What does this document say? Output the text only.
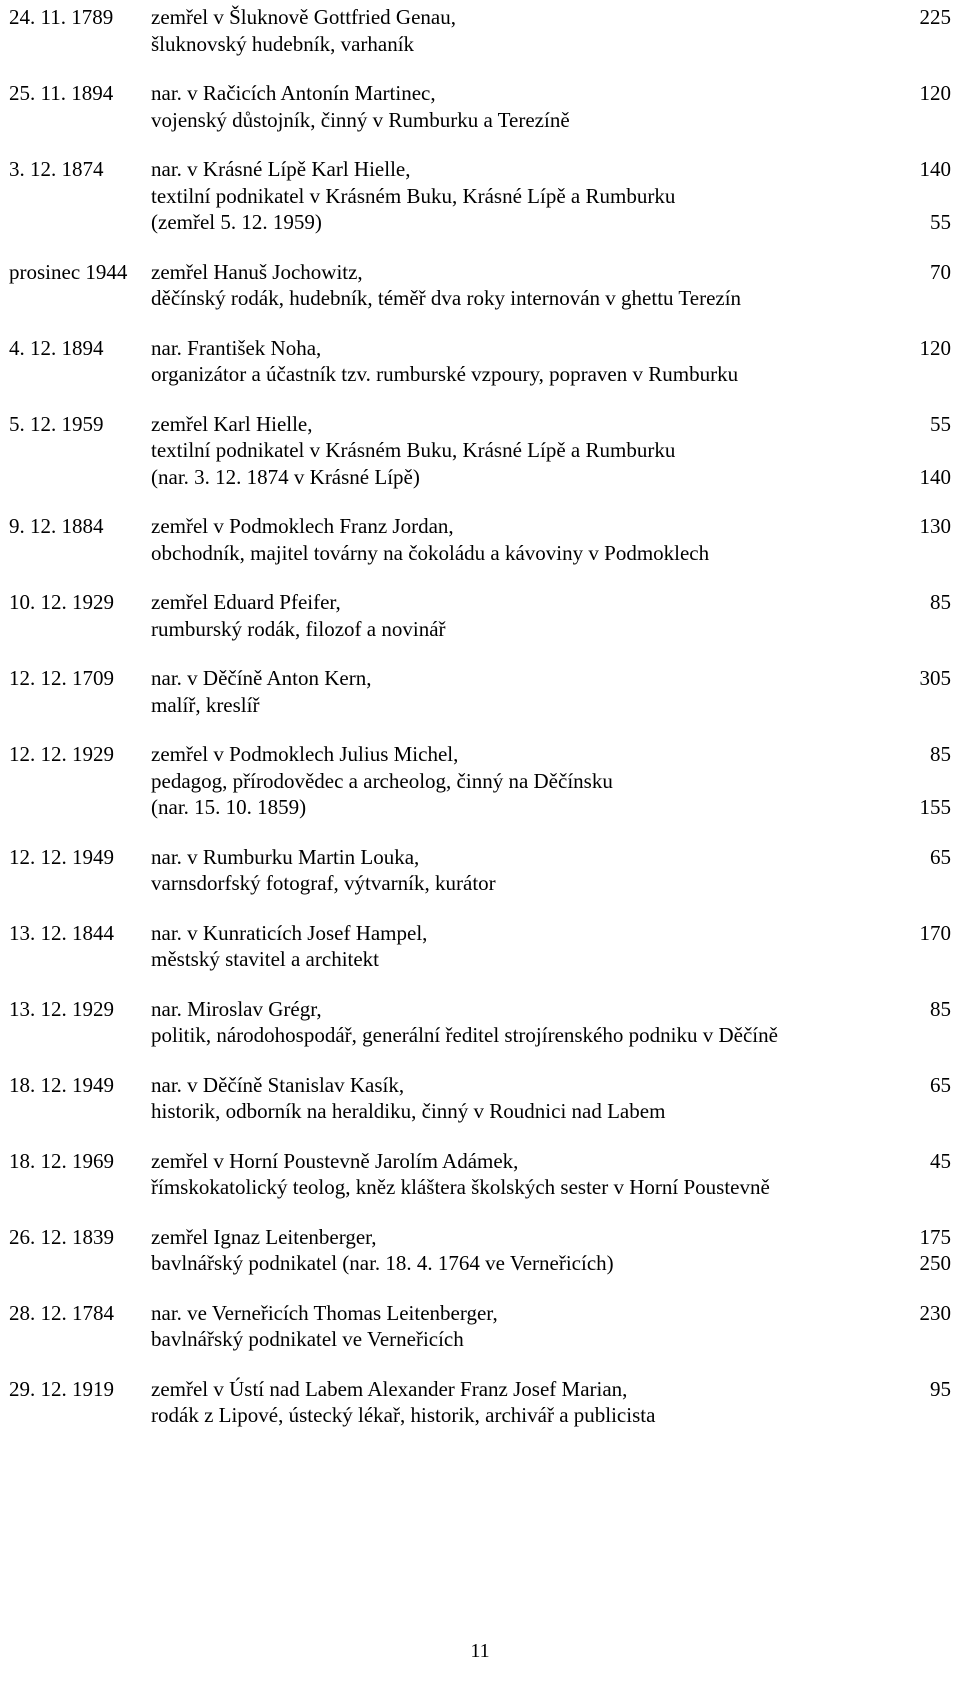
24. 11. 1789 zemřel v Šluknově Gottfried Genau,	225
šluknovský hudebník, varhaník
25. 11. 1894 nar. v Račicích Antonín Martinec,	120
vojenský důstojník, činný v Rumburku a Terezíně
3. 12. 1874 nar. v Krásné Lípě Karl Hielle,	140
textilní podnikatel v Krásném Buku, Krásné Lípě a Rumburku
(zemřel 5. 12. 1959)	55
prosinec 1944 zemřel Hanuš Jochowitz,	70
děčínský rodák, hudebník, téměř dva roky internován v ghettu Terezín
4. 12. 1894 nar. František Noha,	120
organizátor a účastník tzv. rumburské vzpoury, popraven v Rumburku
5. 12. 1959 zemřel Karl Hielle,	55
textilní podnikatel v Krásném Buku, Krásné Lípě a Rumburku
(nar. 3. 12. 1874 v Krásné Lípě)	140
9. 12. 1884 zemřel v Podmoklech Franz Jordan,	130
obchodník, majitel továrny na čokoládu a kávoviny v Podmoklech
10. 12. 1929 zemřel Eduard Pfeifer,	85
rumburský rodák, filozof a novinář
12. 12. 1709 nar. v Děčíně Anton Kern,	305
malíř, kreslíř
12. 12. 1929 zemřel v Podmoklech Julius Michel,	85
pedagog, přírodovědec a archeolog, činný na Děčínsku
(nar. 15. 10. 1859)	155
12. 12. 1949 nar. v Rumburku Martin Louka,	65
varnsdorfský fotograf, výtvarník, kurátor
13. 12. 1844 nar. v Kunraticích Josef Hampel,	170
městský stavitel a architekt
13. 12. 1929 nar. Miroslav Grégr,	85
politik, národohospodář, generální ředitel strojírenského podniku v Děčíně
18. 12. 1949 nar. v Děčíně Stanislav Kasík,	65
historik, odborník na heraldiku, činný v Roudnici nad Labem
18. 12. 1969 zemřel v Horní Poustevně Jarolím Adámek,	45
římskokatolický teolog, kněz kláštera školských sester v Horní Poustevně
26. 12. 1839 zemřel Ignaz Leitenberger,	175
bavlnářský podnikatel (nar. 18. 4. 1764 ve Verneřicích)	250
28. 12. 1784 nar. ve Verneřicích Thomas Leitenberger,	230
bavlnářský podnikatel ve Verneřicích
29. 12. 1919 zemřel v Ústí nad Labem Alexander Franz Josef Marian,	95
rodák z Lipové, ústecký lékař, historik, archivář a publicista
11
